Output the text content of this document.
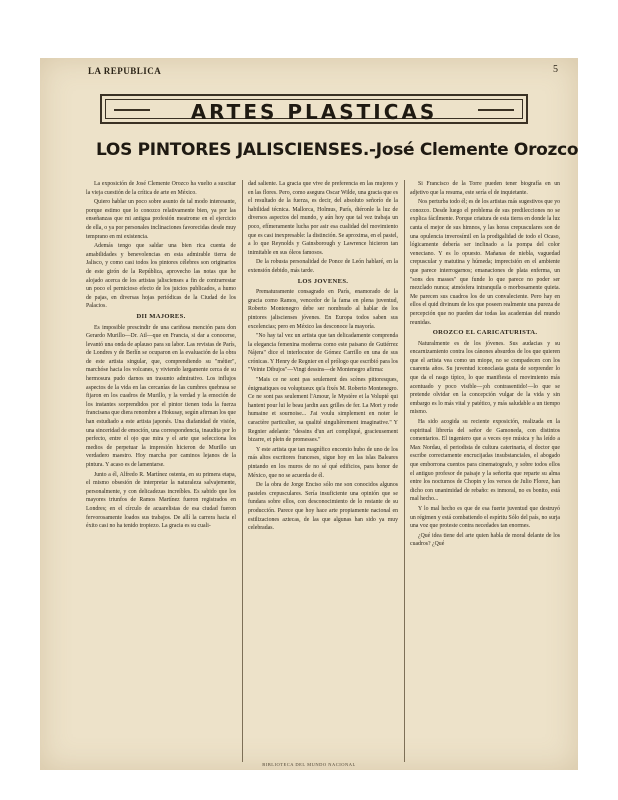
LA REPUBLICA	5
ARTES PLASTICAS
LOS PINTORES JALISCIENSES.-José Clemente Orozco

La exposición de José Clemente Orozco ha vuelto a suscitar la vieja cuestión de la crítica de arte en México.

Quiero hablar un poco sobre asunto de tal modo interesante, porque estimo que lo conozco relativamente bien, ya por las enseñanzas que mi antigua profesión meatrome en el ejercicio de ella, o ya por personales inclinaciones favorecidas desde muy temprano en mi existencia.

Además tengo que saldar una bien rica cuenta de amabilidades y benevolencias en esta admirable tierra de Jalisco, y como casi todos los pintores célebres son originarios de este girón de la República, aprovecho las notas que he alojado acerca de los artistas jaliscienses a fin de contrarrestar un poco el pernicioso efecto de los juicios publicados, a humo de pajas, en diversas hojas periódicas de la Ciudad de los Palacios.

DII MAJORES.

Es imposible prescindir de una cariñosa mención para don Gerardo Murillo—Dr. Atl—que en Francia, si dar a conocerse, levantó una onda de aplauso para su labor. Las revistas de París, de Londres y de Berlín se ocuparon en la evaluación de la obra de este artista singular, que, comprendiendo su "métier", marchóse hacia los volcanes, y viviendo largamente cerca de su hermosura pudo darnos un trasunto admirativo. Los influjos aspectos de la vida en las cercanías de las cumbres quebrasa se fijaron en los cuadros de Murillo, y la verdad y la emoción de los instantes sorprendidos por el pintor tienen toda la fuerza francisana que diera renombre a Hokusay, según afirman los que han estudiado a este artista japonés. Una diafanidad de visión, una sinceridad de emoción, una correspondencia, inaudita por lo perfecto, entre el ojo que mira y el arte que selecciona los medios de perpetuar la impresión hicieron de Murillo un verdadero maestro. Hoy marcha por caminos lejanos de la pintura. Y acaso es de lamentarse.

Junto a él, Alfredo R. Martínez ostenta, en su primera etapa, el mismo obsesión de interpretar la naturaleza salvajemente, personalmente, y con delicadezas increíbles. Es sabido que los mayores triunfos de Ramos Martínez fueron registrados en Londres; en el círculo de acuarelistas de esa ciudad fueron fervorosamente loados sus trabajos. De allí la carrera hacia el éxito casi no ha tenido tropiezo. La gracia es su cuali-

dad saliente. La gracia que vive de preferencia en las mujeres y en las flores. Pero, como asegura Oscar Wilde, una gracia que es el resultado de la fuerza, es decir, del absoluto señorío de la habilidad técnica. Mallorca, Holmus, París, diéronle la luz de diversos aspectos del mundo, y aún hoy que tal vez trabaja un poco, efímeramente lucha por asir esa cualidad del movimiento que es casi inexpresable: la distinción. Se aproxima, en el pastel, a lo que Reynolds y Gainsborough y Lawrence hicieron tan inimitable en sus óleos famosos.

De la robusta personalidad de Ponce de León hablaré, en la extensión debido, más tarde.

LOS JOVENES.

Prematuramente consagrado en París, enamorado de la gracia como Ramos, vencedor de la fama en plena juventud, Roberto Montenegro debe ser nombrado al hablar de los pintores jaliscienses jóvenes. En Europa todos saben sus excelencias; pero en México las desconoce la mayoría.

"No hay tal vez un artista que tan delicadamente comprenda la elegancia femenina moderna como este paisano de Gutiérrez Nájera" dice el interlocutor de Gómez Carrillo en una de sus crónicas. Y Henry de Regnier en el prólogo que escribió para los "Veinte Dibujos"—Vingt dessins—de Montenegro afirma:

"Mais ce ne sont pas seulement des scènes pittoresques, énigmatiques ou voluptueux qu'a fixés M. Roberto Montenegro. Ce ne sont pas seulement l'Amour, le Mystère et la Volupté qui hantent pour lui le beau jardin aux grilles de fer. La Mort y rode humaine et sournoise... J'ai voulu simplement en noter le caractère particulier, sa qualité singulièrement imaginative." Y Regnier adelante: "dessins d'un art compliqué, gracieusement bizarre, et plein de promesses."

Y este artista que tan magnífico encomio hubo de uno de los más altos escritores franceses, sigue hoy en las islas Baleares pintando en los muros de no sé qué edificios, para honor de México, que no se acuerda de él.

De la obra de Jorge Enciso sólo me son conocidos algunos pasteles crepusculares. Sería insuficiente una opinión que se fundara sobre ellos, con desconocimiento de lo restante de su producción. Parece que hoy hace arte propiamente nacional en estilizaciones aztecas, de las que algunas han sido ya muy celebradas.

Si Francisco de la Torre pueden tener biografía en un adjetivo que la resuma, este sería el de inquietante.

Nos perturba todo él; es de los artistas más sugestivos que yo conozco. Desde luego el problema de sus predilecciones no se explica fácilmente. Porque criatura de esta tierra en donde la luz canta el mejor de sus himnos, y las horas crepusculares son de una opulencia inverosímil en la prodigalidad de todo el Ocaso, lógicamente debería ser inclinado a la pompa del color veneciano. Y es lo opuesto. Mañanas de niebla, vaguedad crepuscular y matutina y húmeda; imprecisión en el ambiente que parece interrogarnos; emanaciones de plata enferma, un "sons des masses" que funde lo que parece no poder ser mezclado nunca; atmósfera intranquila o morbosamente quieta. Me parecen sus cuadros los de un convaleciente. Pero hay en ellos el quid divinum de los que poseen realmente una pureza de percepción que no pueden dar todas las academias del mundo reunidas.

OROZCO EL CARICATURISTA.

Naturalmente es de los jóvenes. Sus audacias y su encarnizamiento contra los cánones absurdos de los que quieren que el artista vea como un miope, no se compadecen con los cuarenta años. Su juventud iconoclasta gusta de sorprender lo que da el rasgo típico, lo que manifiesta el movimiento más acentuado y poco visible—¡oh contrasentido!—lo que se pretende olvidar en la concepción vulgar de la vida y sin embargo es lo más vital y patético, y más saludable a un tiempo mismo.

Ha sido acogida su reciente exposición, realizada en la espiritual librería del señor de Gamoneda, con distintos comentarios. El ingeniero que a veces oye música y ha leído a Max Nordau, el periodista de cultura caterinaria, el doctor que escribe correctamente encrucijadas insubstanciales, el abogado que emborrona cuentos para cinematografo, y sobre todos ellos el antiguo profesor de paisaje y la señorita que reparte su alma entre los nocturnos de Chopin y los versos de Julio Florez, han dicho con unanimidad de rebaño: es inmoral, no es bonito, está mal hecho...

Y lo mal hecho es que de esa fuerte juventud que destruyó un régimen y está combatiendo el espíritu Sólo del país, no surja una voz que proteste contra necedades tan enormes.

¿Qué idea tiene del arte quien habla de moral delante de los cuadros? ¿Qué

BIBLIOTECA DEL MUNDO NACIONAL
